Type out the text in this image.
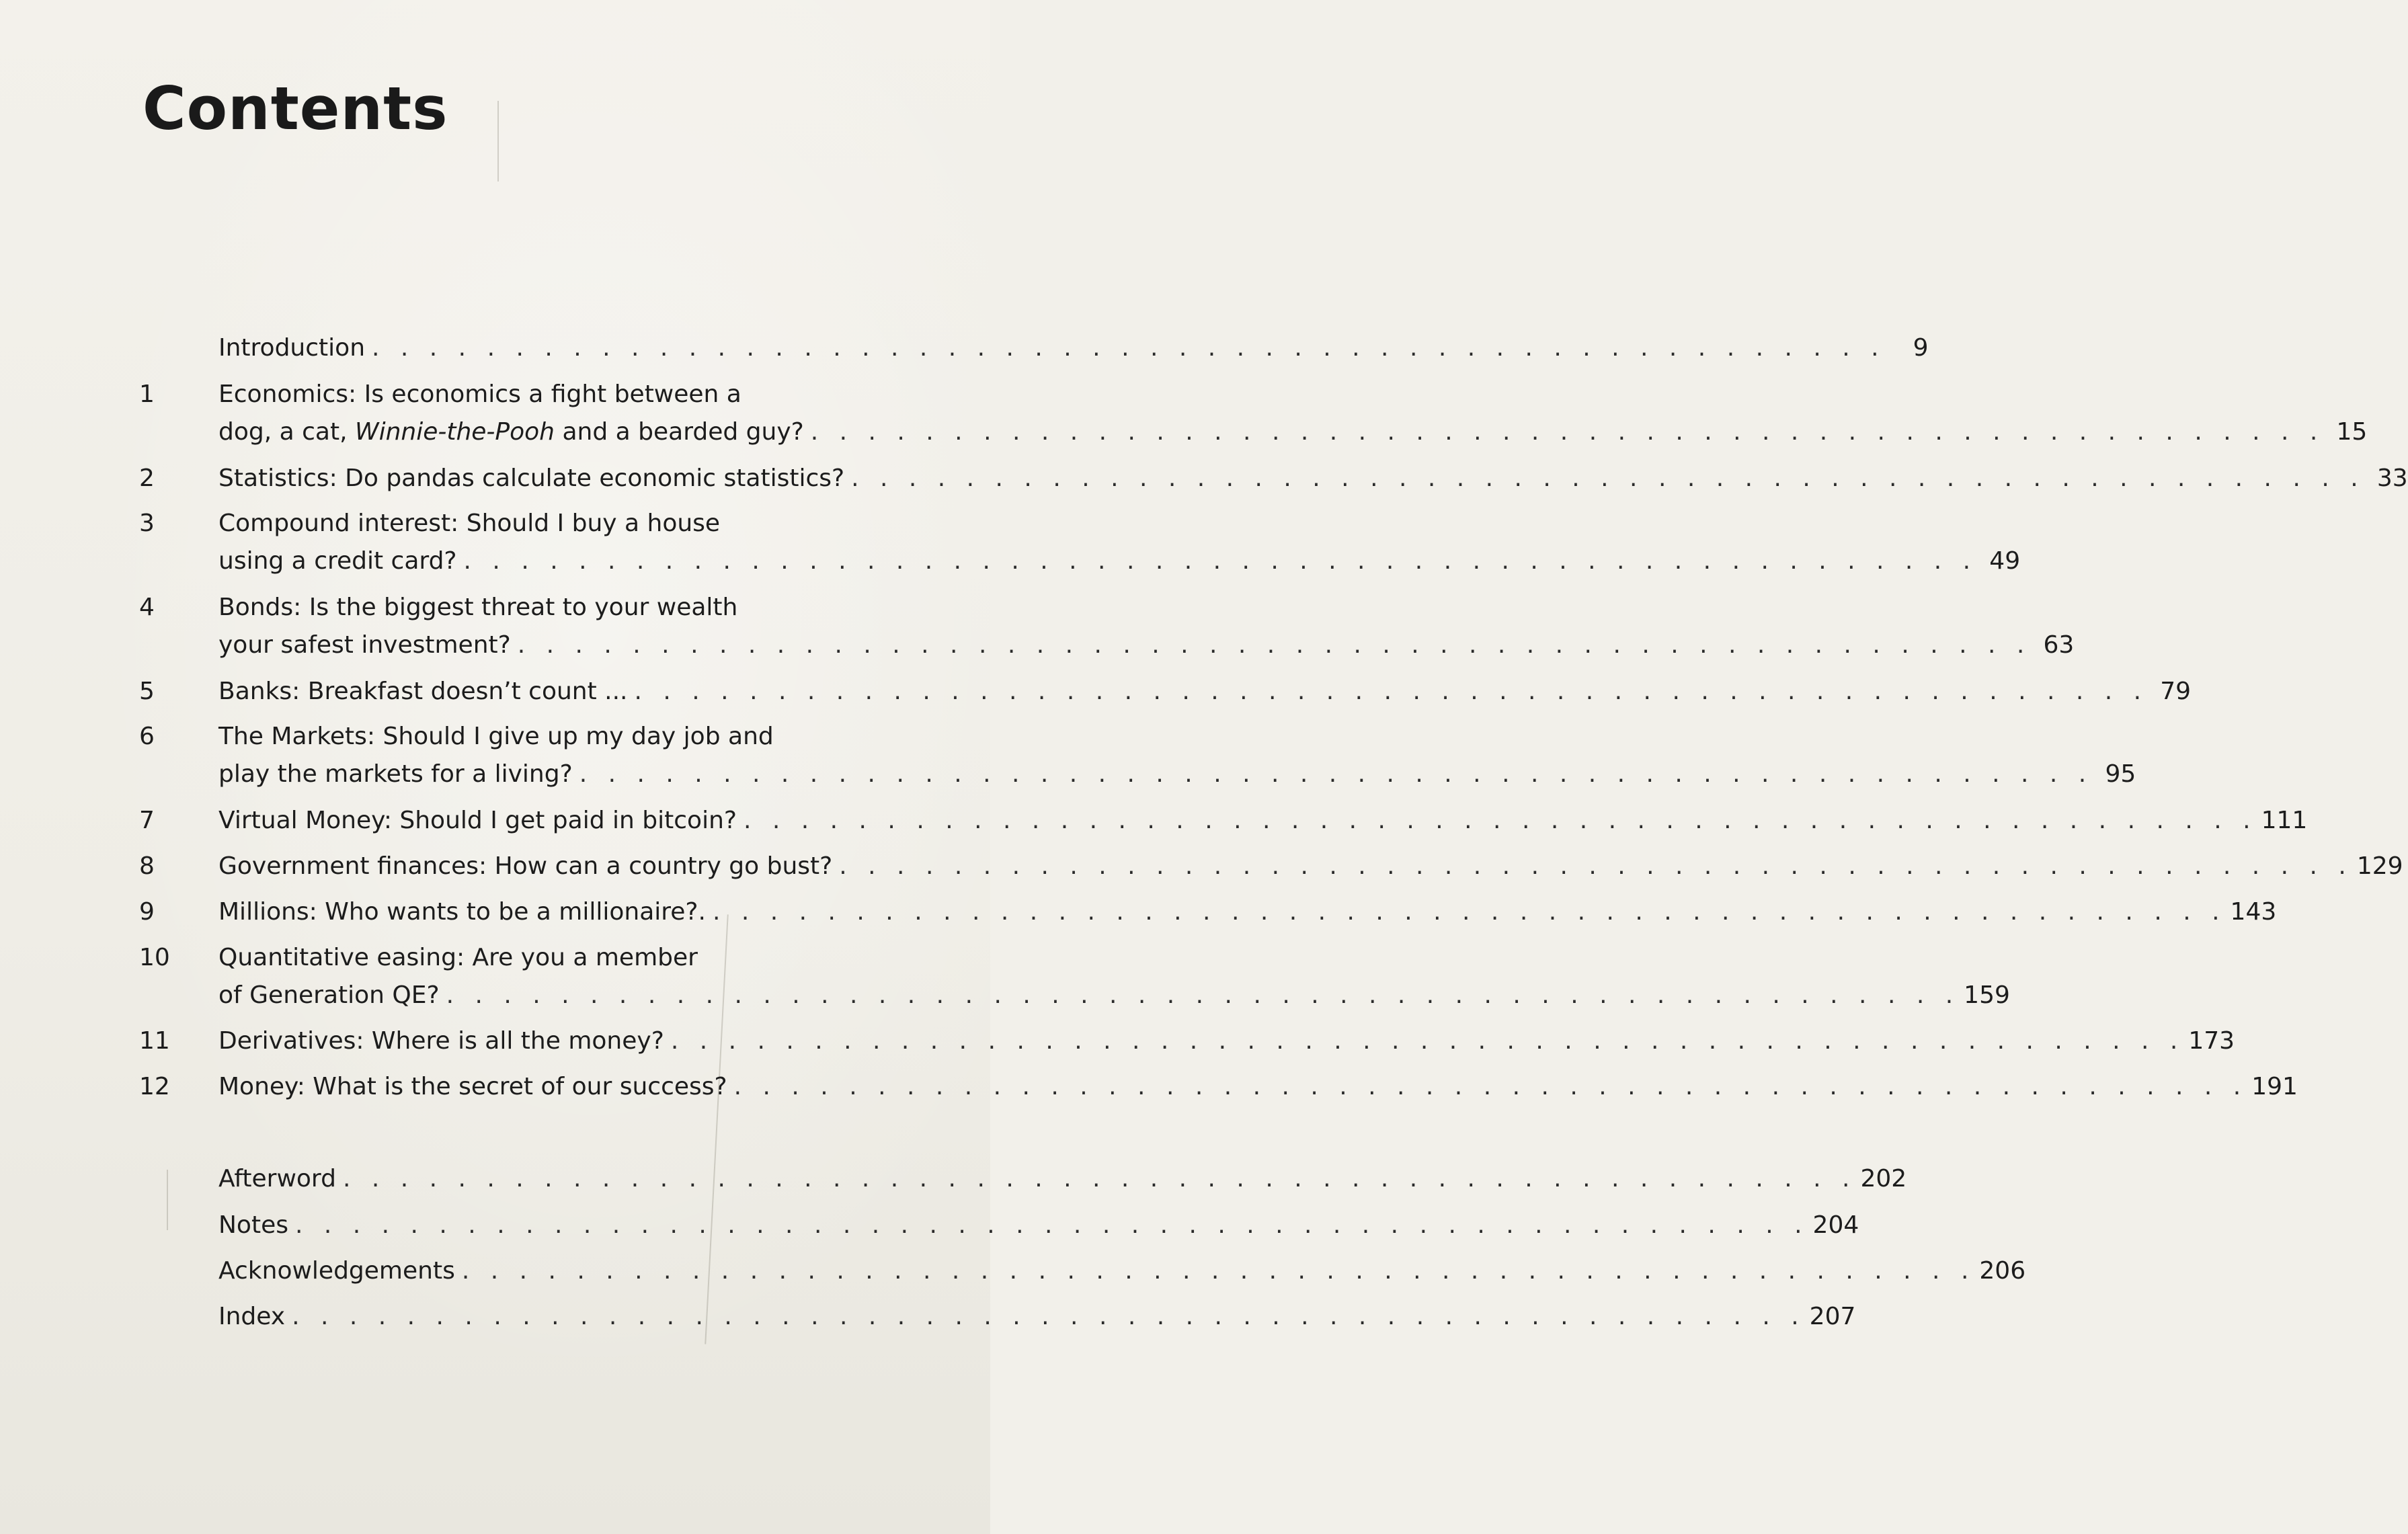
Contents
Introduction . . . . . . . . . . . . . . . . . . . . . . . . . . . . . . . . . . . . . . . . . . . . . . . . . . . . .	9
1	Economics: Is economics a fight between a
dog, a cat, Winnie-the-Pooh and a bearded guy? . . . . . . . . . . . . . . . . . . . . . . . . . . . . . . . . . . . . . . . . . . . . . . . . . . . . . 15
2	Statistics: Do pandas calculate economic statistics? . . . . . . . . . . . . . . . . . . . . . . . . . . . . . . . . . . . . . . . . . . . . . . . . . . . . . 33
3	Compound interest: Should I buy a house
using a credit card? . . . . . . . . . . . . . . . . . . . . . . . . . . . . . . . . . . . . . . . . . . . . . . . . . . . . . 49
4	Bonds: Is the biggest threat to your wealth
your safest investment? . . . . . . . . . . . . . . . . . . . . . . . . . . . . . . . . . . . . . . . . . . . . . . . . . . . . . 63
5	Banks: Breakfast doesn’t count ... . . . . . . . . . . . . . . . . . . . . . . . . . . . . . . . . . . . . . . . . . . . . . . . . . . . . . 79
6	The Markets: Should I give up my day job and
play the markets for a living? . . . . . . . . . . . . . . . . . . . . . . . . . . . . . . . . . . . . . . . . . . . . . . . . . . . . . 95
7	Virtual Money: Should I get paid in bitcoin? . . . . . . . . . . . . . . . . . . . . . . . . . . . . . . . . . . . . . . . . . . . . . . . . . . . . . 111
8	Government finances: How can a country go bust? . . . . . . . . . . . . . . . . . . . . . . . . . . . . . . . . . . . . . . . . . . . . . . . . . . . . . 129
9	Millions: Who wants to be a millionaire?. . . . . . . . . . . . . . . . . . . . . . . . . . . . . . . . . . . . . . . . . . . . . . . . . . . . . . 143
10 Quantitative easing: Are you a member
of Generation QE? . . . . . . . . . . . . . . . . . . . . . . . . . . . . . . . . . . . . . . . . . . . . . . . . . . . . . 159
11 Derivatives: Where is all the money? . . . . . . . . . . . . . . . . . . . . . . . . . . . . . . . . . . . . . . . . . . . . . . . . . . . . . 173
12 Money: What is the secret of our success? . . . . . . . . . . . . . . . . . . . . . . . . . . . . . . . . . . . . . . . . . . . . . . . . . . . . . 191
Afterword . . . . . . . . . . . . . . . . . . . . . . . . . . . . . . . . . . . . . . . . . . . . . . . . . . . . . 202
Notes . . . . . . . . . . . . . . . . . . . . . . . . . . . . . . . . . . . . . . . . . . . . . . . . . . . . . 204
Acknowledgements . . . . . . . . . . . . . . . . . . . . . . . . . . . . . . . . . . . . . . . . . . . . . . . . . . . . . 206
Index . . . . . . . . . . . . . . . . . . . . . . . . . . . . . . . . . . . . . . . . . . . . . . . . . . . . . 207
